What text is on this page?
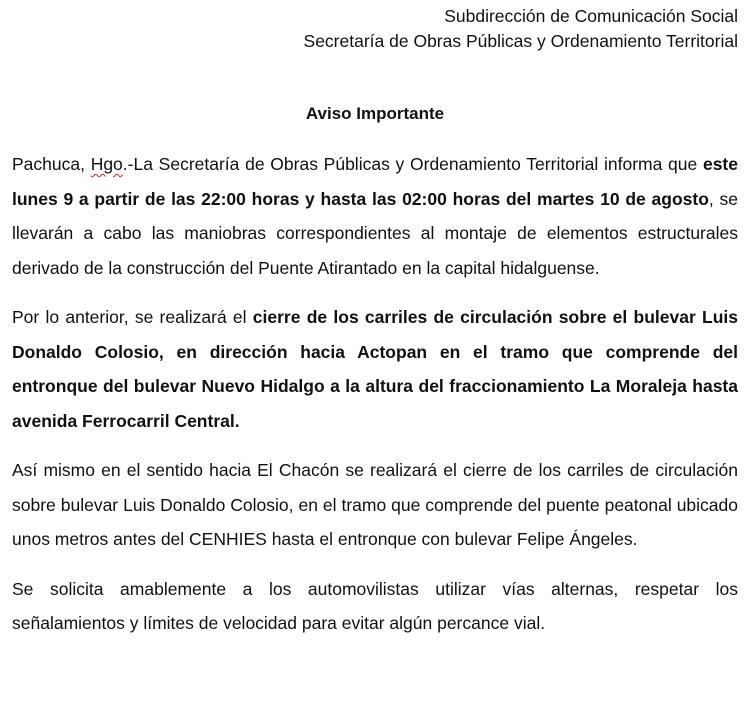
Subdirección de Comunicación Social
Secretaría de Obras Públicas y Ordenamiento Territorial
Aviso Importante

Pachuca, Hgo.-La Secretaría de Obras Públicas y Ordenamiento Territorial informa que este lunes 9 a partir de las 22:00 horas y hasta las 02:00 horas del martes 10 de agosto, se llevarán a cabo las maniobras correspondientes al montaje de elementos estructurales derivado de la construcción del Puente Atirantado en la capital hidalguense.

Por lo anterior, se realizará el cierre de los carriles de circulación sobre el bulevar Luis Donaldo Colosio, en dirección hacia Actopan en el tramo que comprende del entronque del bulevar Nuevo Hidalgo a la altura del fraccionamiento La Moraleja hasta avenida Ferrocarril Central.

Así mismo en el sentido hacia El Chacón se realizará el cierre de los carriles de circulación sobre bulevar Luis Donaldo Colosio, en el tramo que comprende del puente peatonal ubicado unos metros antes del CENHIES hasta el entronque con bulevar Felipe Ángeles.

Se solicita amablemente a los automovilistas utilizar vías alternas, respetar los señalamientos y límites de velocidad para evitar algún percance vial.
